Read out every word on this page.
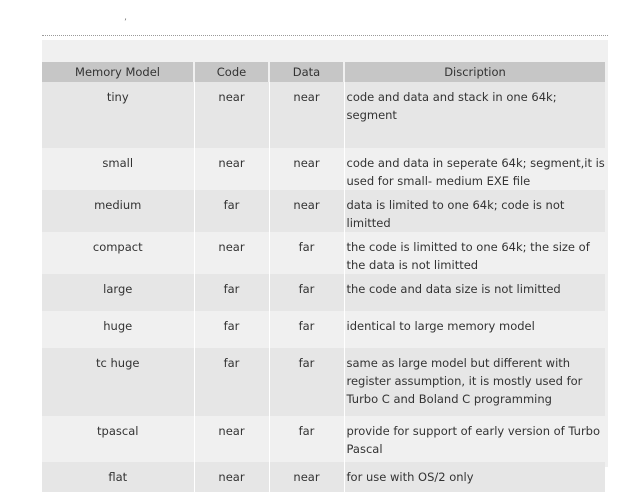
ʼ
Memory Model	Code	Data	Discription
tiny	near	near	code and data and stack in one 64k; segment
small	near	near	code and data in seperate 64k; segment,it is used for small- medium EXE file
medium	far	near	data is limited to one 64k; code is not limitted
compact	near	far	the code is limitted to one 64k; the size of the data is not limitted
large	far	far	the code and data size is not limitted
huge	far	far	identical to large memory model
tc huge	far	far	same as large model but different with register assumption, it is mostly used for Turbo C and Boland C programming
tpascal	near	far	provide for support of early version of Turbo Pascal
flat	near	near	for use with OS/2 only
